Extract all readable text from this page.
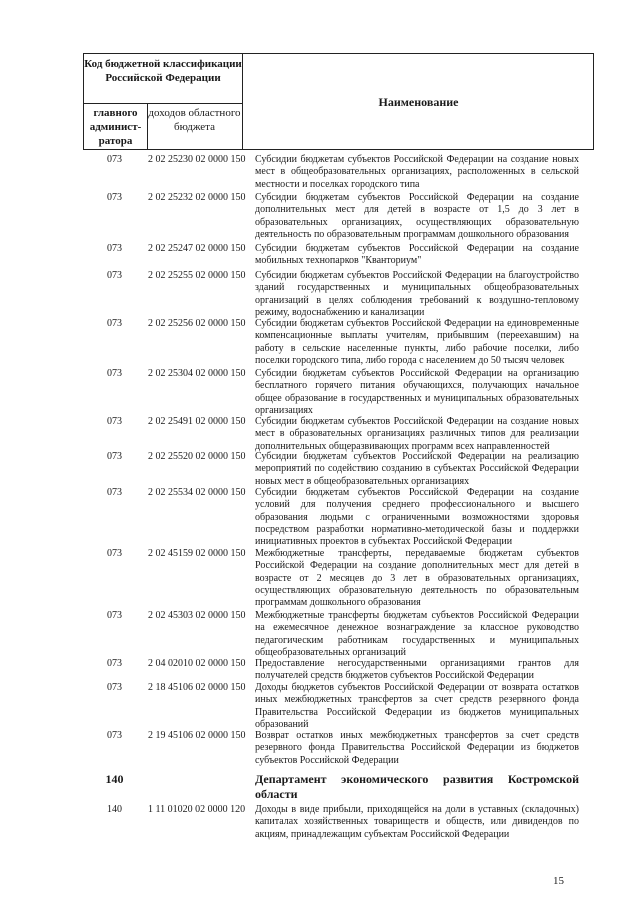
Код бюджетной классификации Российской Федерации
главного админист-ратора
доходов областного бюджета
Наименование
073	2 02 25230 02 0000 150 Субсидии бюджетам субъектов Российской Федерации на создание новых мест в общеобразовательных организациях, расположенных в сельской местности и поселках городского типа
073	2 02 25232 02 0000 150 Субсидии бюджетам субъектов Российской Федерации на создание дополнительных мест для детей в возрасте от 1,5 до 3 лет в образовательных организациях, осуществляющих образовательную деятельность по образовательным программам дошкольного образования
073	2 02 25247 02 0000 150 Субсидии бюджетам субъектов Российской Федерации на создание мобильных технопарков "Кванториум"
073	2 02 25255 02 0000 150 Субсидии бюджетам субъектов Российской Федерации на благоустройство зданий государственных и муниципальных общеобразовательных организаций в целях соблюдения требований к воздушно-тепловому режиму, водоснабжению и канализации
073	2 02 25256 02 0000 150 Субсидии бюджетам субъектов Российской Федерации на единовременные компенсационные выплаты учителям, прибывшим (переехавшим) на работу в сельские населенные пункты, либо рабочие поселки, либо поселки городского типа, либо города с населением до 50 тысяч человек
073	2 02 25304 02 0000 150 Субсидии бюджетам субъектов Российской Федерации на организацию бесплатного горячего питания обучающихся, получающих начальное общее образование в государственных и муниципальных образовательных организациях
073	2 02 25491 02 0000 150 Субсидии бюджетам субъектов Российской Федерации на создание новых мест в образовательных организациях различных типов для реализации дополнительных общеразвивающих программ всех направленностей
073	2 02 25520 02 0000 150 Субсидии бюджетам субъектов Российской Федерации на реализацию мероприятий по содействию созданию в субъектах Российской Федерации новых мест в общеобразовательных организациях
073	2 02 25534 02 0000 150 Субсидии бюджетам субъектов Российской Федерации на создание условий для получения среднего профессионального и высшего образования людьми с ограниченными возможностями здоровья посредством разработки нормативно-методической базы и поддержки инициативных проектов в субъектах Российской Федерации
073	2 02 45159 02 0000 150 Межбюджетные трансферты, передаваемые бюджетам субъектов Российской Федерации на создание дополнительных мест для детей в возрасте от 2 месяцев до 3 лет в образовательных организациях, осуществляющих образовательную деятельность по образовательным программам дошкольного образования
073	2 02 45303 02 0000 150 Межбюджетные трансферты бюджетам субъектов Российской Федерации на ежемесячное денежное вознаграждение за классное руководство педагогическим работникам государственных и муниципальных общеобразовательных организаций
073	2 04 02010 02 0000 150 Предоставление негосударственными организациями грантов для получателей средств бюджетов субъектов Российской Федерации
073	2 18 45106 02 0000 150 Доходы бюджетов субъектов Российской Федерации от возврата остатков иных межбюджетных трансфертов за счет средств резервного фонда Правительства Российской Федерации из бюджетов муниципальных образований
073	2 19 45106 02 0000 150 Возврат остатков иных межбюджетных трансфертов за счет средств резервного фонда Правительства Российской Федерации из бюджетов субъектов Российской Федерации
140	Департамент экономического развития Костромской
области
140	1 11 01020 02 0000 120 Доходы в виде прибыли, приходящейся на доли в уставных (складочных) капиталах хозяйственных товариществ и обществ, или дивидендов по акциям, принадлежащим субъектам Российской Федерации
15
